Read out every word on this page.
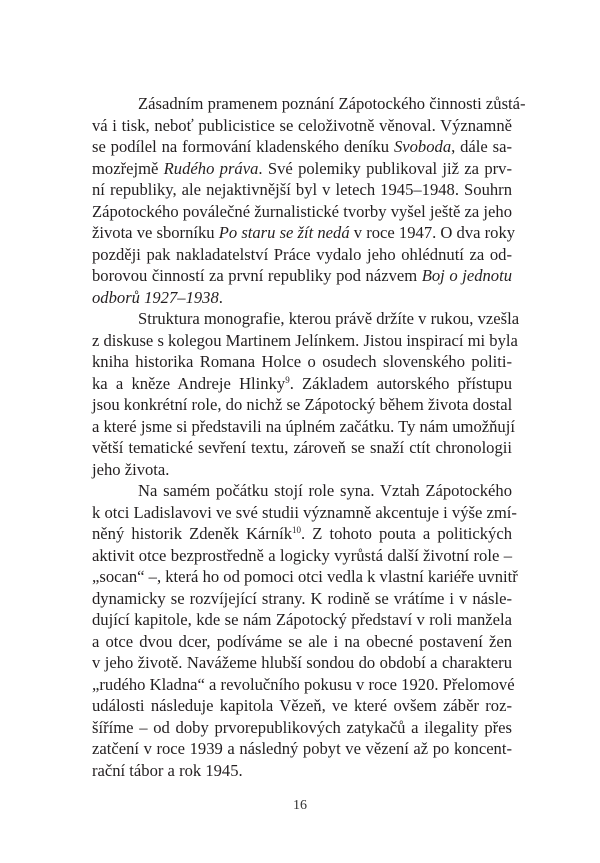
Zásadním pramenem poznání Zápotockého činnosti zůstá-
vá i tisk, neboť publicistice se celoživotně věnoval. Významně
se podílel na formování kladenského deníku Svoboda, dále sa-
mozřejmě Rudého práva. Své polemiky publikoval již za prv-
ní republiky, ale nejaktivnější byl v letech 1945–1948. Souhrn
Zápotockého poválečné žurnalistické tvorby vyšel ještě za jeho
života ve sborníku Po staru se žít nedá v roce 1947. O dva roky
později pak nakladatelství Práce vydalo jeho ohlédnutí za od-
borovou činností za první republiky pod názvem Boj o jednotu
odborů 1927–1938.
Struktura monografie, kterou právě držíte v rukou, vzešla
z diskuse s kolegou Martinem Jelínkem. Jistou inspirací mi byla
kniha historika Romana Holce o osudech slovenského politi-
ka a kněze Andreje Hlinky$^9$. Základem autorského přístupu
jsou konkrétní role, do nichž se Zápotocký během života dostal
a které jsme si představili na úplném začátku. Ty nám umožňují
větší tematické sevření textu, zároveň se snaží ctít chronologii
jeho života.
Na samém počátku stojí role syna. Vztah Zápotockého
k otci Ladislavovi ve své studii významně akcentuje i výše zmí-
něný historik Zdeněk Kárník$^{10}$. Z tohoto pouta a politických
aktivit otce bezprostředně a logicky vyrůstá další životní role –
„socan“ –, která ho od pomoci otci vedla k vlastní kariéře uvnitř
dynamicky se rozvíjející strany. K rodině se vrátíme i v násle-
dující kapitole, kde se nám Zápotocký představí v roli manžela
a otce dvou dcer, podíváme se ale i na obecné postavení žen
v jeho životě. Navážeme hlubší sondou do období a charakteru
„rudého Kladna“ a revolučního pokusu v roce 1920. Přelomové
události následuje kapitola Vězeň, ve které ovšem záběr roz-
šíříme – od doby prvorepublikových zatykačů a ilegality přes
zatčení v roce 1939 a následný pobyt ve vězení až po koncent-
rační tábor a rok 1945.
16
